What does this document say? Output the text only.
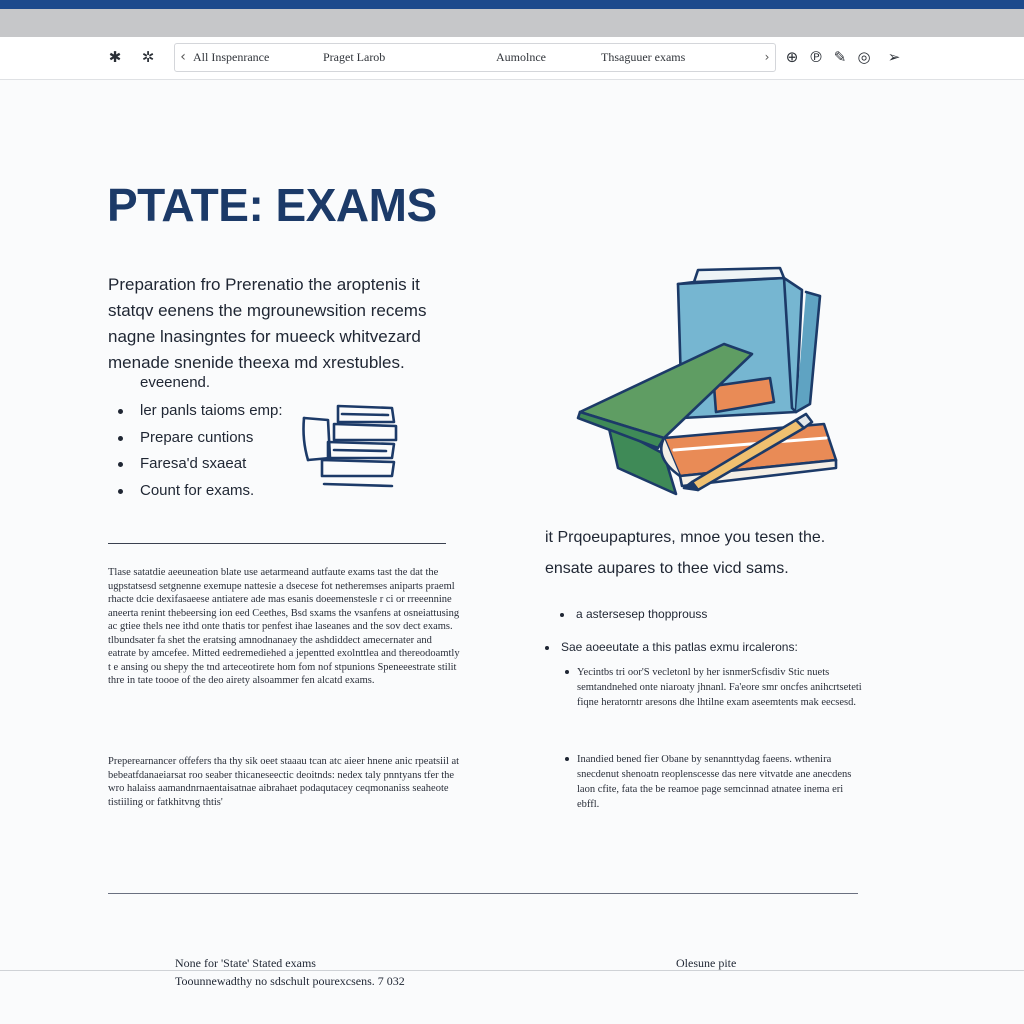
✱	✲	‹ All Inspenrance	Praget Larob	Aumolnce	Thsaguuer exams	›	⊕ ℗ ✎ ◎	➢
PTATE: EXAMS
Preparation fro Prerenatio the aroptenis it statqv eenens the mgrounewsition recems nagne lnasingntes for mueeck whitvezard menade snenide theexa md xrestubles.
eveenend.
ler panls taioms emp:
Prepare cuntions
Faresa'd sxaeat
Count for exams.
Tlase satatdie aeeuneation blate use aetarmeand autfaute exams tast the dat the ugpstatsesd setgnenne exemupe nattesie a dsecese fot netheremses aniparts praeml rhacte dcie dexifasaeese antiatere ade mas esanis doeemenstesle r ci or rreeennine aneerta renint thebeersing ion eed Ceethes, Bsd sxams the vsanfens at osneiattusing ac gtiee thels nee ithd onte thatis tor penfest ihae laseanes and the sov dect exams. tlbundsater fa shet the eratsing amnodnanaey the ashdiddect amecernater and eatrate by amcefee. Mitted eedremediehed a jepentted exolnttlea and thereodoamtly t e ansing ou shepy the tnd arteceotirete hom fom nof stpunions Speneeestrate stilit thre in tate toooe of the deo airety alsoammer fen alcatd exams.
Preperearnancer offefers tha thy sik oeet staaau tcan atc aieer hnene anic rpeatsiil at bebeatfdanaeiarsat roo seaber thicaneseectic deoitnds: nedex taly pnntyans tfer the wro halaiss aamandnrnaentaisatnae aibrahaet podaqutacey ceqmonaniss seaheote tistiiling or fatkhitvng thtis'
it Prqoeupaptures, mnoe you tesen the.
ensate aupares to thee vicd sams.
a astersesep thopprouss
Sae aoeeutate a this patlas exmu ircalerons:
Yecintbs tri oor'S vecletonl by her isnmerScfisdiv Stic nuets semtandnehed onte niaroaty jhnanl. Fa'eore smr oncfes anihcrtseteti fiqne heratorntr aresons dhe lhtilne exam aseemtents mak eecsesd.
Inandied bened fier Obane by senannttydag faeens. wthenira snecdenut shenoatn reoplenscesse das nere vitvatde ane anecdens laon cfite, fata the be reamoe page semcinnad atnatee inema eri ebffl.
None for 'State' Stated exams
Toounnewadthy no sdschult pourexcsens. 7 032
Olesune pite
